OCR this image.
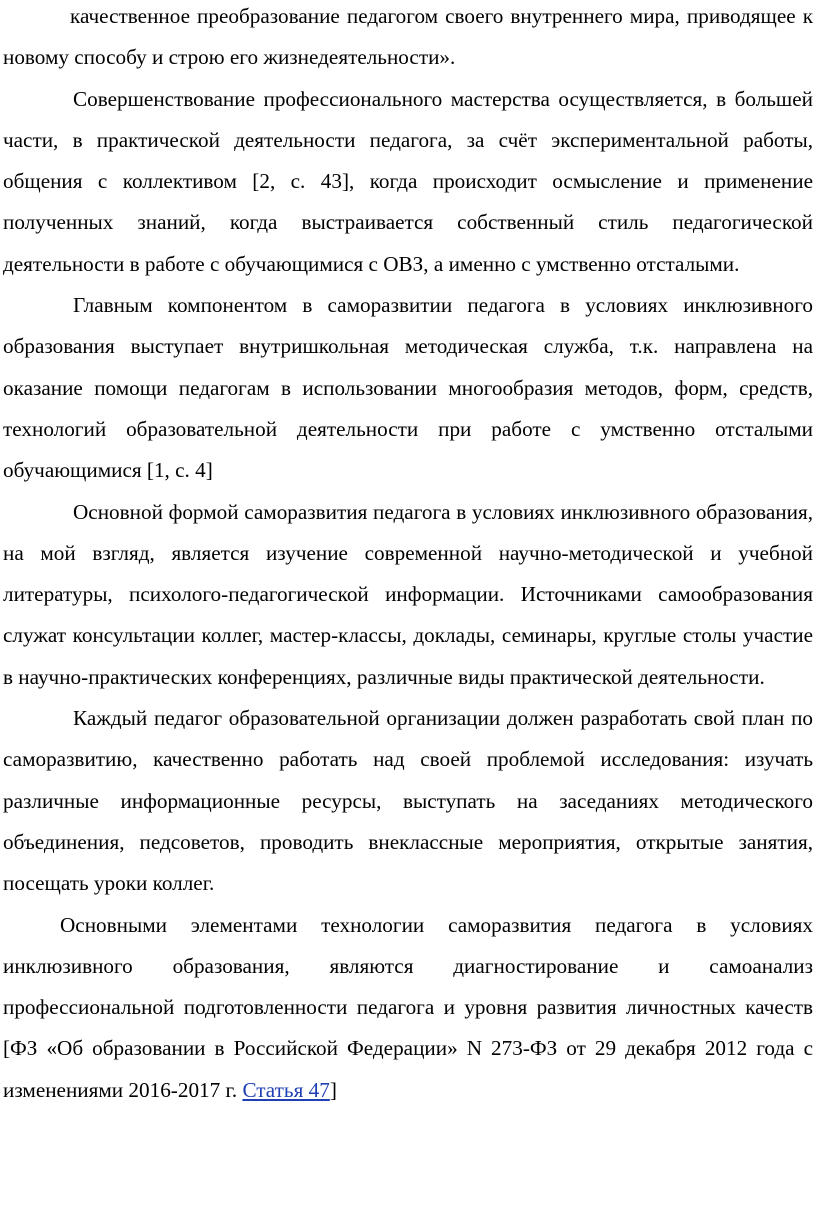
качественное преобразование педагогом своего внутреннего мира, приводящее к новому способу и строю его жизнедеятельности».

Совершенствование профессионального мастерства осуществляется, в большей части, в практической деятельности педагога, за счёт экспериментальной работы, общения с коллективом [2, с. 43], когда происходит осмысление и применение полученных знаний, когда выстраивается собственный стиль педагогической деятельности в работе с обучающимися с ОВЗ, а именно с умственно отсталыми.

Главным компонентом в саморазвитии педагога в условиях инклюзивного образования выступает внутришкольная методическая служба, т.к. направлена на оказание помощи педагогам в использовании многообразия методов, форм, средств, технологий образовательной деятельности при работе с умственно отсталыми обучающимися [1, с. 4]

Основной формой саморазвития педагога в условиях инклюзивного образования, на мой взгляд, является изучение современной научно-методической и учебной литературы, психолого-педагогической информации. Источниками самообразования служат консультации коллег, мастер-классы, доклады, семинары, круглые столы участие в научно-практических конференциях, различные виды практической деятельности.

Каждый педагог образовательной организации должен разработать свой план по саморазвитию, качественно работать над своей проблемой исследования: изучать различные информационные ресурсы, выступать на заседаниях методического объединения, педсоветов, проводить внеклассные мероприятия, открытые занятия, посещать уроки коллег.

Основными элементами технологии саморазвития педагога в условиях инклюзивного образования, являются диагностирование и самоанализ профессиональной подготовленности педагога и уровня развития личностных качеств [ФЗ «Об образовании в Российской Федерации» N 273-ФЗ от 29 декабря 2012 года с изменениями 2016-2017 г. Статья 47]
